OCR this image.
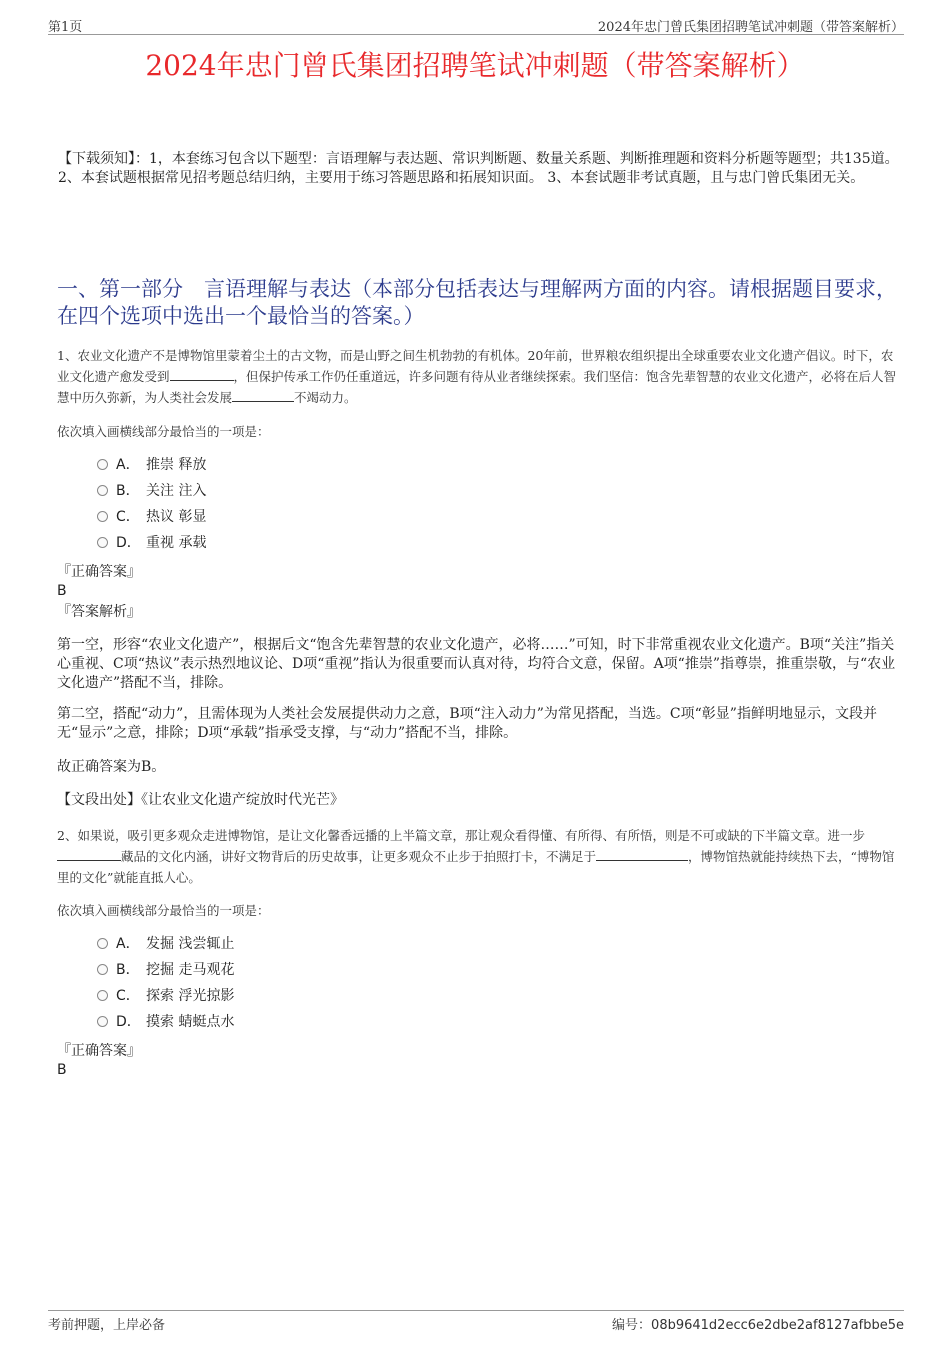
第1页	2024年忠门曾氏集团招聘笔试冲刺题（带答案解析）
2024年忠门曾氏集团招聘笔试冲刺题（带答案解析）
【下载须知】：1，本套练习包含以下题型：言语理解与表达题、常识判断题、数量关系题、判断推理题和资料分析题等题型；共135道。 2、本套试题根据常见招考题总结归纳，主要用于练习答题思路和拓展知识面。 3、本套试题非考试真题，且与忠门曾氏集团无关。
一、第一部分　言语理解与表达（本部分包括表达与理解两方面的内容。请根据题目要求，在四个选项中选出一个最恰当的答案。）
1、农业文化遗产不是博物馆里蒙着尘土的古文物，而是山野之间生机勃勃的有机体。20年前，世界粮农组织提出全球重要农业文化遗产倡议。时下，农业文化遗产愈发受到	，但保护传承工作仍任重道远，许多问题有待从业者继续探索。我们坚信：饱含先辈智慧的农业文化遗产，必将在后人智慧中历久弥新，为人类社会发展	不竭动力。
依次填入画横线部分最恰当的一项是：
A． 推崇 释放
B． 关注 注入
C． 热议 彰显
D． 重视 承载
『正确答案』
B
『答案解析』
第一空，形容“农业文化遗产”，根据后文“饱含先辈智慧的农业文化遗产，必将……”可知，时下非常重视农业文化遗产。B项“关注”指关心重视、C项“热议”表示热烈地议论、D项“重视”指认为很重要而认真对待，均符合文意，保留。A项“推崇”指尊崇，推重崇敬，与“农业文化遗产”搭配不当，排除。
第二空，搭配“动力”，且需体现为人类社会发展提供动力之意，B项“注入动力”为常见搭配，当选。C项“彰显”指鲜明地显示，文段并无“显示”之意，排除；D项“承载”指承受支撑，与“动力”搭配不当，排除。
故正确答案为B。
【文段出处】《让农业文化遗产绽放时代光芒》
2、如果说，吸引更多观众走进博物馆，是让文化馨香远播的上半篇文章，那让观众看得懂、有所得、有所悟，则是不可或缺的下半篇文章。进一步藏品的文化内涵，讲好文物背后的历史故事，让更多观众不止步于拍照打卡，不满足于	，博物馆热就能持续热下去，“博物馆里的文化”就能直抵人心。
依次填入画横线部分最恰当的一项是：
A． 发掘 浅尝辄止
B． 挖掘 走马观花
C． 探索 浮光掠影
D． 摸索 蜻蜓点水
『正确答案』
B
考前押题，上岸必备	编号：08b9641d2ecc6e2dbe2af8127afbbe5e
